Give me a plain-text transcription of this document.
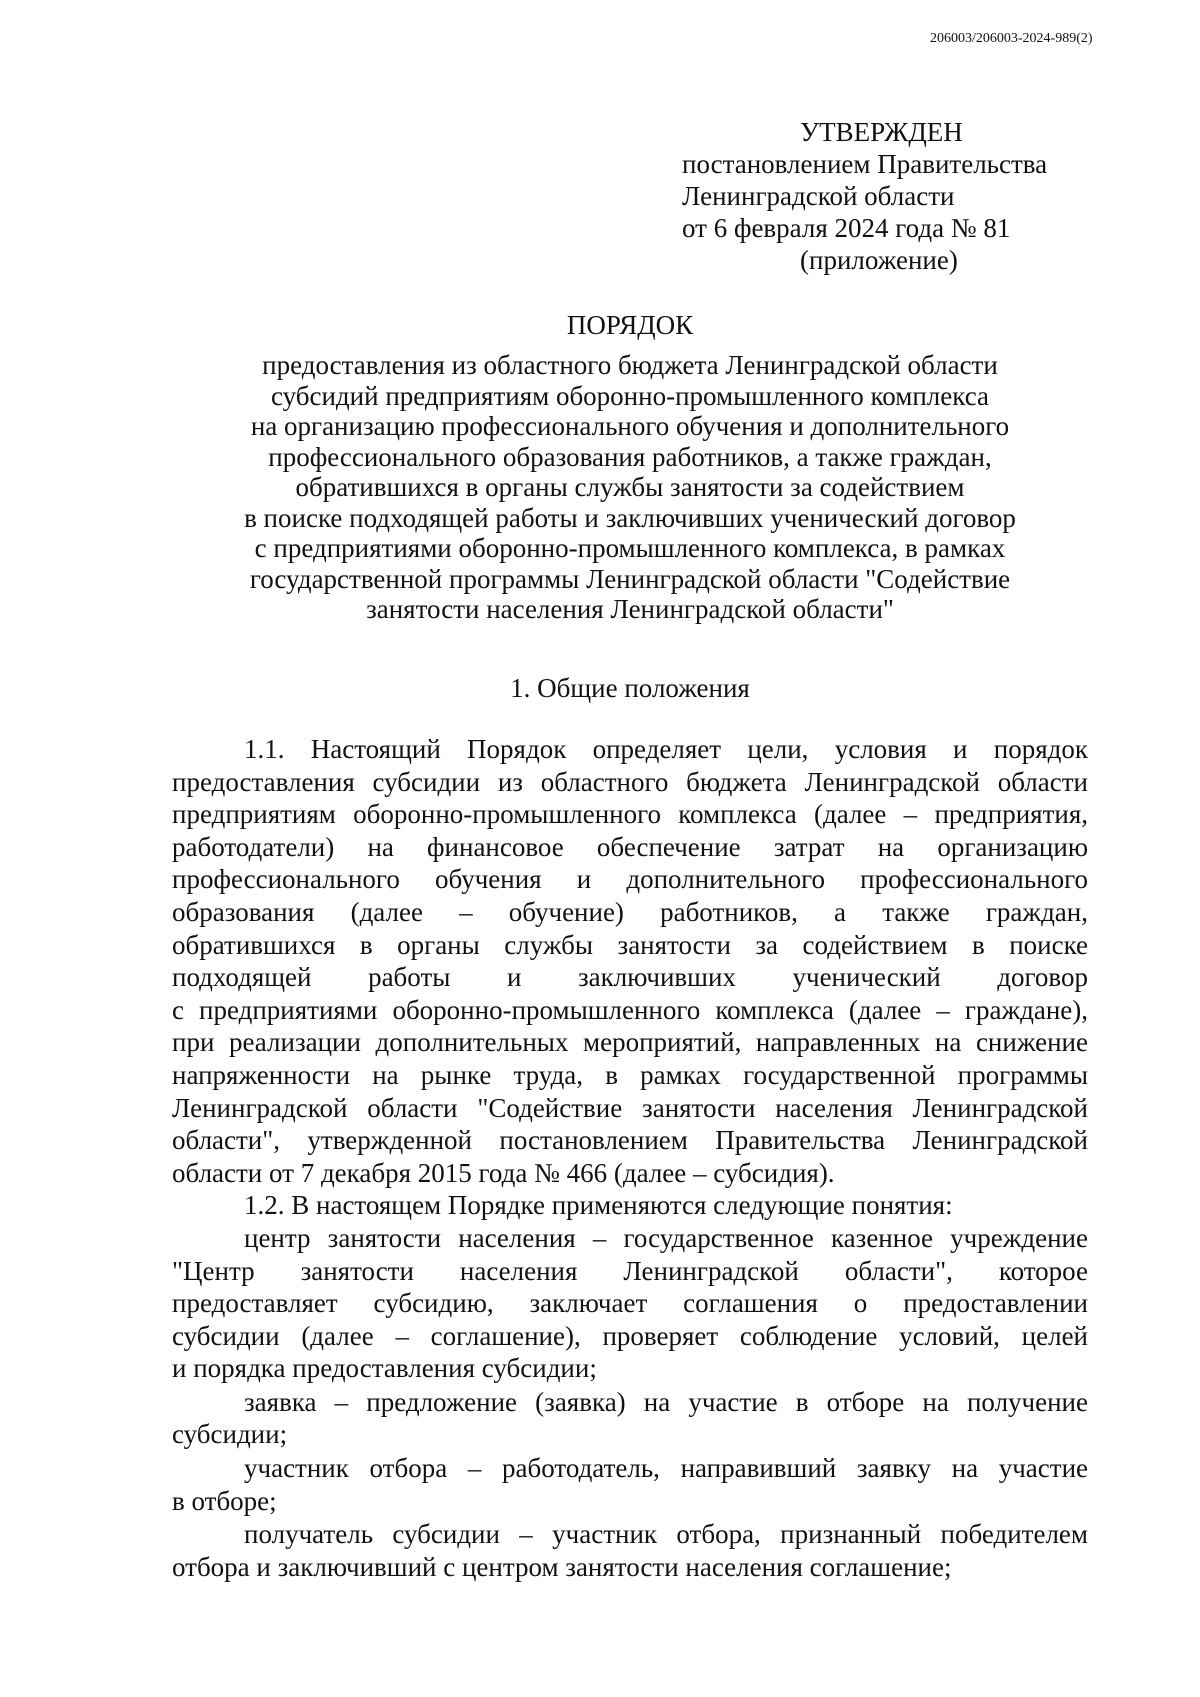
206003/206003-2024-989(2)
УТВЕРЖДЕН
постановлением Правительства
Ленинградской области
от 6 февраля 2024 года № 81
(приложение)
ПОРЯДОК
предоставления из областного бюджета Ленинградской области
субсидий предприятиям оборонно-промышленного комплекса
на организацию профессионального обучения и дополнительного
профессионального образования работников, а также граждан,
обратившихся в органы службы занятости за содействием
в поиске подходящей работы и заключивших ученический договор
с предприятиями оборонно-промышленного комплекса, в рамках
государственной программы Ленинградской области "Содействие
занятости населения Ленинградской области"
1. Общие положения
1.1. Настоящий Порядок определяет цели, условия и порядок
предоставления субсидии из областного бюджета Ленинградской области
предприятиям оборонно-промышленного комплекса (далее – предприятия,
работодатели) на финансовое обеспечение затрат на организацию
профессионального обучения и дополнительного профессионального
образования (далее – обучение) работников, а также граждан,
обратившихся в органы службы занятости за содействием в поиске
подходящей работы и заключивших ученический договор
с предприятиями оборонно-промышленного комплекса (далее – граждане),
при реализации дополнительных мероприятий, направленных на снижение
напряженности на рынке труда, в рамках государственной программы
Ленинградской области "Содействие занятости населения Ленинградской
области", утвержденной постановлением Правительства Ленинградской
области от 7 декабря 2015 года № 466 (далее – субсидия).
1.2. В настоящем Порядке применяются следующие понятия:
центр занятости населения – государственное казенное учреждение
"Центр занятости населения Ленинградской области", которое
предоставляет субсидию, заключает соглашения о предоставлении
субсидии (далее – соглашение), проверяет соблюдение условий, целей
и порядка предоставления субсидии;
заявка – предложение (заявка) на участие в отборе на получение
субсидии;
участник отбора – работодатель, направивший заявку на участие
в отборе;
получатель субсидии – участник отбора, признанный победителем
отбора и заключивший с центром занятости населения соглашение;
